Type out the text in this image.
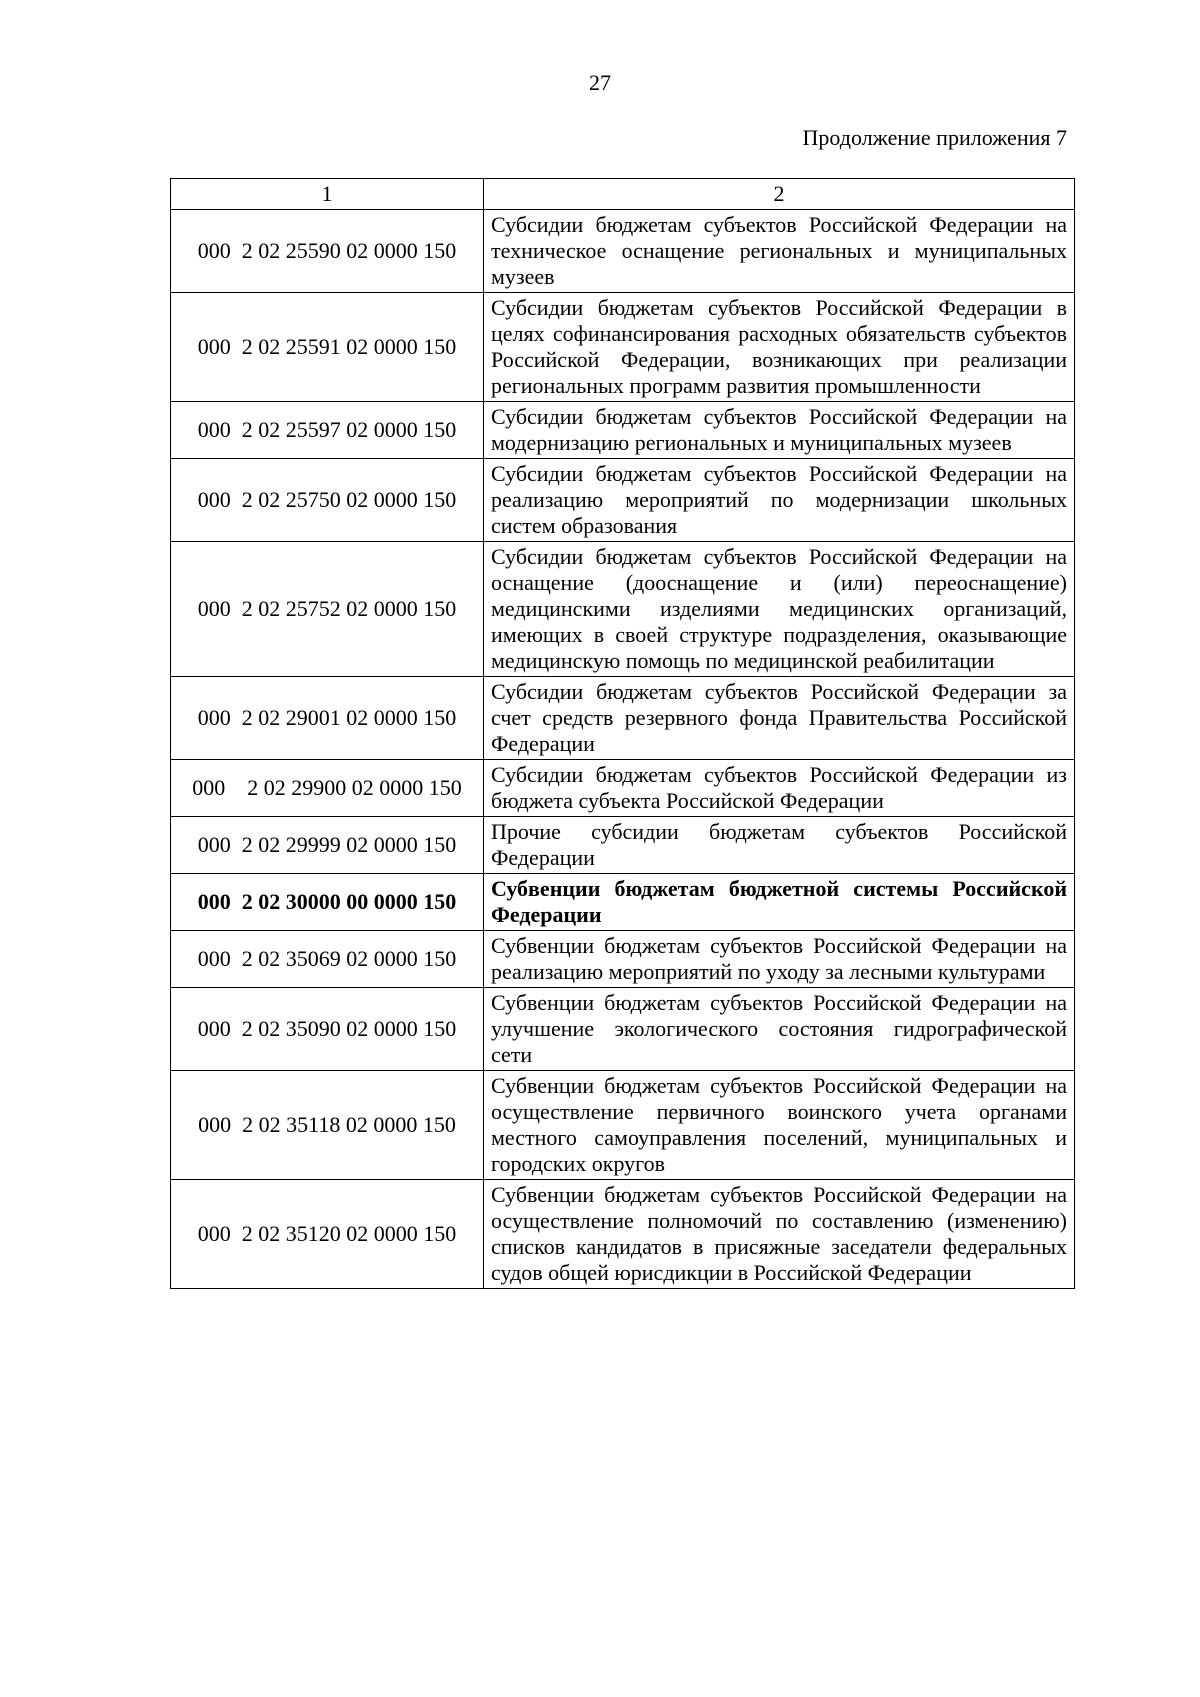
27
Продолжение приложения 7
1	2
000  2 02 25590 02 0000 150	Субсидии бюджетам субъектов Российской Федерации на техническое оснащение региональных и муниципальных музеев
000  2 02 25591 02 0000 150	Субсидии бюджетам субъектов Российской Федерации в целях софинансирования расходных обязательств субъектов Российской Федерации, возникающих при реализации региональных программ развития промышленности
000  2 02 25597 02 0000 150	Субсидии бюджетам субъектов Российской Федерации на модернизацию региональных и муниципальных музеев
000  2 02 25750 02 0000 150	Субсидии бюджетам субъектов Российской Федерации на реализацию мероприятий по модернизации школьных систем образования
000  2 02 25752 02 0000 150	Субсидии бюджетам субъектов Российской Федерации на оснащение (дооснащение и (или) переоснащение) медицинскими изделиями медицинских организаций, имеющих в своей структуре подразделения, оказывающие медицинскую помощь по медицинской реабилитации
000  2 02 29001 02 0000 150	Субсидии бюджетам субъектов Российской Федерации за счет средств резервного фонда Правительства Российской Федерации
000    2 02 29900 02 0000 150	Субсидии бюджетам субъектов Российской Федерации из бюджета субъекта Российской Федерации
000  2 02 29999 02 0000 150	Прочие субсидии бюджетам субъектов Российской Федерации
000  2 02 30000 00 0000 150	Субвенции бюджетам бюджетной системы Российской Федерации
000  2 02 35069 02 0000 150	Субвенции бюджетам субъектов Российской Федерации на реализацию мероприятий по уходу за лесными культурами
000  2 02 35090 02 0000 150	Субвенции бюджетам субъектов Российской Федерации на улучшение экологического состояния гидрографической сети
000  2 02 35118 02 0000 150	Субвенции бюджетам субъектов Российской Федерации на осуществление первичного воинского учета органами местного самоуправления поселений, муниципальных и городских округов
000  2 02 35120 02 0000 150	Субвенции бюджетам субъектов Российской Федерации на осуществление полномочий по составлению (изменению) списков кандидатов в присяжные заседатели федеральных судов общей юрисдикции в Российской Федерации
